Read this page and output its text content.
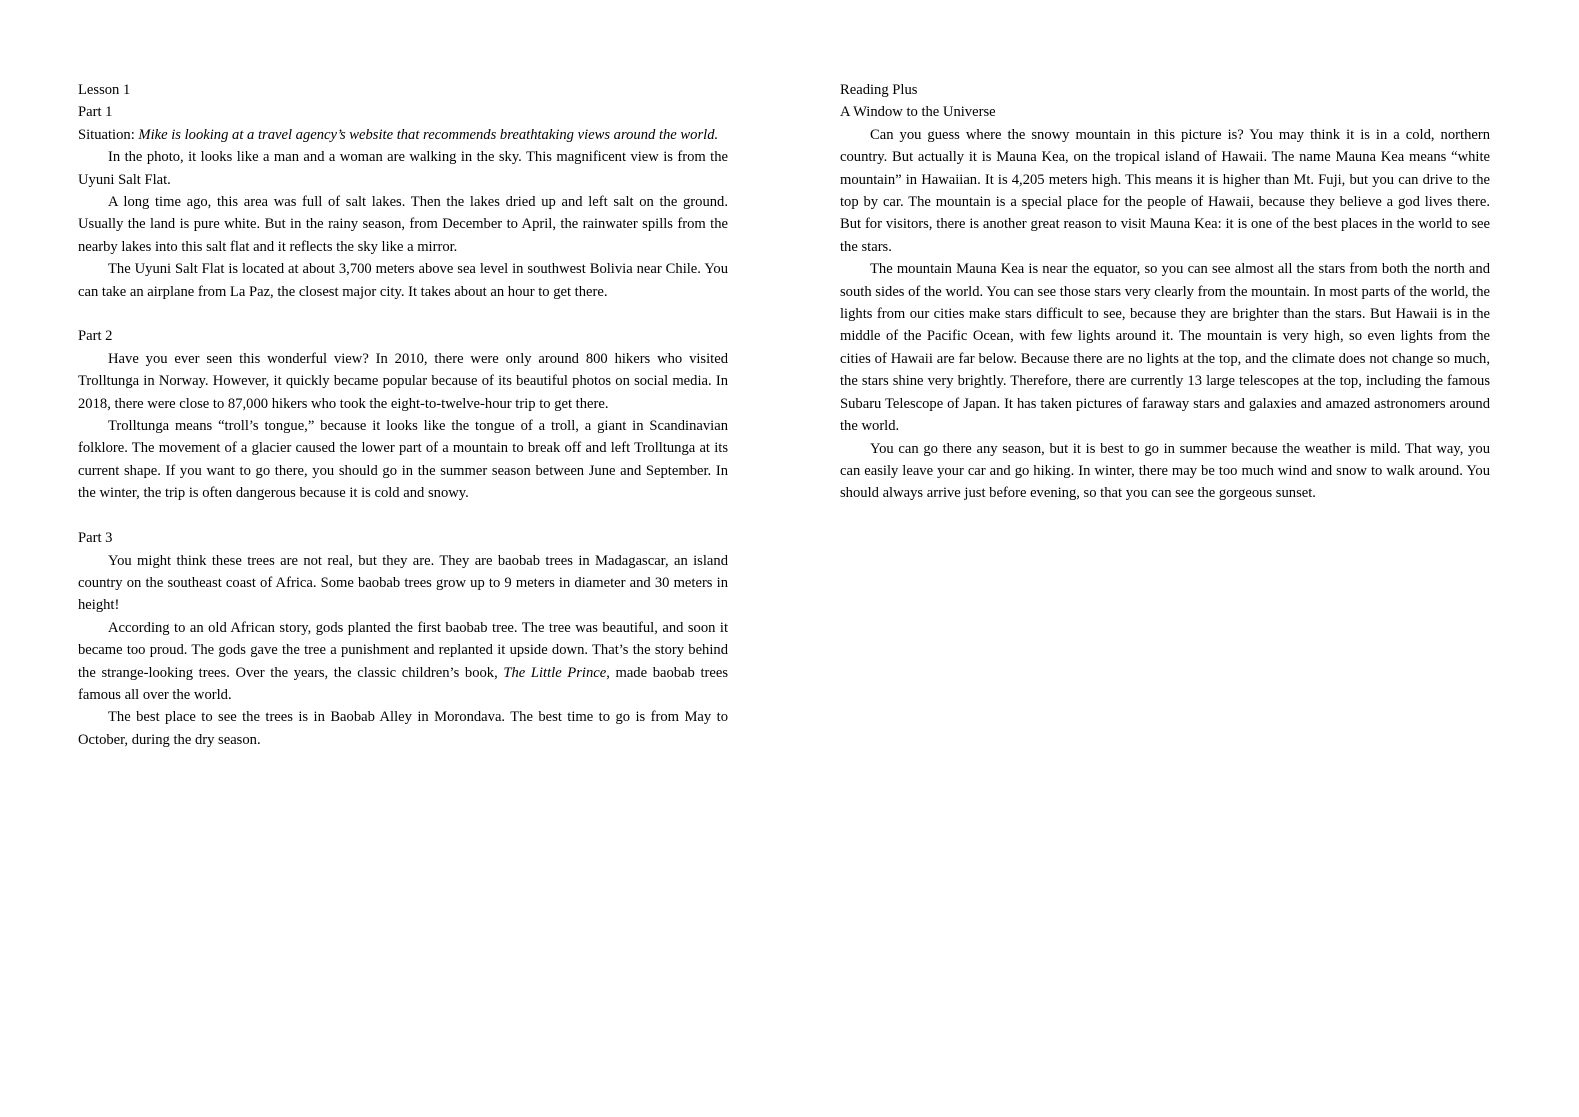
Lesson 1

Part 1

Situation: Mike is looking at a travel agency’s website that recommends breathtaking views around the world.

In the photo, it looks like a man and a woman are walking in the sky. This magnificent view is from the Uyuni Salt Flat.

A long time ago, this area was full of salt lakes. Then the lakes dried up and left salt on the ground. Usually the land is pure white. But in the rainy season, from December to April, the rainwater spills from the nearby lakes into this salt flat and it reflects the sky like a mirror.

The Uyuni Salt Flat is located at about 3,700 meters above sea level in southwest Bolivia near Chile. You can take an airplane from La Paz, the closest major city. It takes about an hour to get there.

Part 2

Have you ever seen this wonderful view? In 2010, there were only around 800 hikers who visited Trolltunga in Norway. However, it quickly became popular because of its beautiful photos on social media. In 2018, there were close to 87,000 hikers who took the eight-to-twelve-hour trip to get there.

Trolltunga means “troll’s tongue,” because it looks like the tongue of a troll, a giant in Scandinavian folklore. The movement of a glacier caused the lower part of a mountain to break off and left Trolltunga at its current shape. If you want to go there, you should go in the summer season between June and September. In the winter, the trip is often dangerous because it is cold and snowy.

Part 3

You might think these trees are not real, but they are. They are baobab trees in Madagascar, an island country on the southeast coast of Africa. Some baobab trees grow up to 9 meters in diameter and 30 meters in height!

According to an old African story, gods planted the first baobab tree. The tree was beautiful, and soon it became too proud. The gods gave the tree a punishment and replanted it upside down. That’s the story behind the strange-looking trees. Over the years, the classic children’s book, The Little Prince, made baobab trees famous all over the world.

The best place to see the trees is in Baobab Alley in Morondava. The best time to go is from May to October, during the dry season.

Reading Plus

A Window to the Universe

Can you guess where the snowy mountain in this picture is? You may think it is in a cold, northern country. But actually it is Mauna Kea, on the tropical island of Hawaii. The name Mauna Kea means “white mountain” in Hawaiian. It is 4,205 meters high. This means it is higher than Mt. Fuji, but you can drive to the top by car. The mountain is a special place for the people of Hawaii, because they believe a god lives there. But for visitors, there is another great reason to visit Mauna Kea: it is one of the best places in the world to see the stars.

The mountain Mauna Kea is near the equator, so you can see almost all the stars from both the north and south sides of the world. You can see those stars very clearly from the mountain. In most parts of the world, the lights from our cities make stars difficult to see, because they are brighter than the stars. But Hawaii is in the middle of the Pacific Ocean, with few lights around it. The mountain is very high, so even lights from the cities of Hawaii are far below. Because there are no lights at the top, and the climate does not change so much, the stars shine very brightly. Therefore, there are currently 13 large telescopes at the top, including the famous Subaru Telescope of Japan. It has taken pictures of faraway stars and galaxies and amazed astronomers around the world.

You can go there any season, but it is best to go in summer because the weather is mild. That way, you can easily leave your car and go hiking. In winter, there may be too much wind and snow to walk around. You should always arrive just before evening, so that you can see the gorgeous sunset.
